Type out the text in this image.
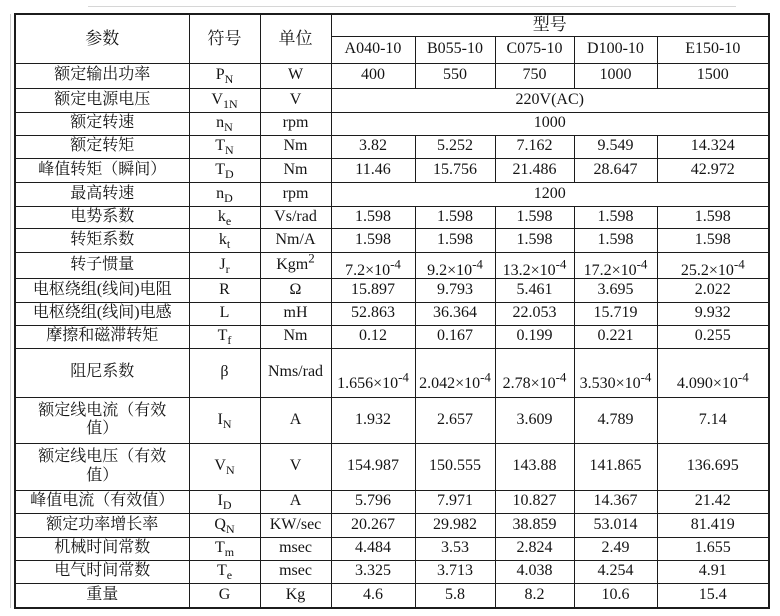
参数	符号	单位	型号				
			A040-10	B055-10	C075-10	D100-10	E150-10
额定输出功率	$P_N$	W	400	550	750	1000	1500
额定电源电压	$V_{1N}$	V	220V(AC)				
额定转速	$n_N$	rpm	1000				
额定转矩	$T_N$	Nm	3.82	5.252	7.162	9.549	14.324
峰值转矩（瞬间）	$T_D$	Nm	11.46	15.756	21.486	28.647	42.972
最高转速	$n_D$	rpm	1200				
电势系数	$k_e$	Vs/rad	1.598	1.598	1.598	1.598	1.598
转矩系数	$k_t$	Nm/A	1.598	1.598	1.598	1.598	1.598
转子惯量	$J_r$	Kgm$^2$	$7.2\times 10^{-4}$	$9.2\times 10^{-4}$	$13.2\times 10^{-4}$	$17.2\times 10^{-4}$	$25.2\times 10^{-4}$

电枢绕组(线间)电阻	R	Ω	15.897	9.793	5.461	3.695	2.022
电枢绕组(线间)电感	L	mH	52.863	36.364	22.053	15.719	9.932
摩擦和磁滞转矩	$T_f$	Nm	0.12	0.167	0.199	0.221	0.255
阻尼系数	β	Nms/rad	$1.656\times 10^{-4}$	$2.042\times 10^{-4}$	$2.78\times 10^{-4}$	$3.530\times 10^{-4}$	$4.090\times 10^{-4}$
额定线电流（有效值）	$I_N$	A	1.932	2.657	3.609	4.789	7.14
额定线电压（有效值）	$V_N$	V	154.987	150.555	143.88	141.865	136.695
峰值电流（有效值）	$I_D$	A	5.796	7.971	10.827	14.367	21.42
额定功率增长率	$Q_N$	KW/sec	20.267	29.982	38.859	53.014	81.419
机械时间常数	$T_m$	msec	4.484	3.53	2.824	2.49	1.655
电气时间常数	$T_e$	msec	3.325	3.713	4.038	4.254	4.91
重量	G	Kg	4.6	5.8	8.2	10.6	15.4
